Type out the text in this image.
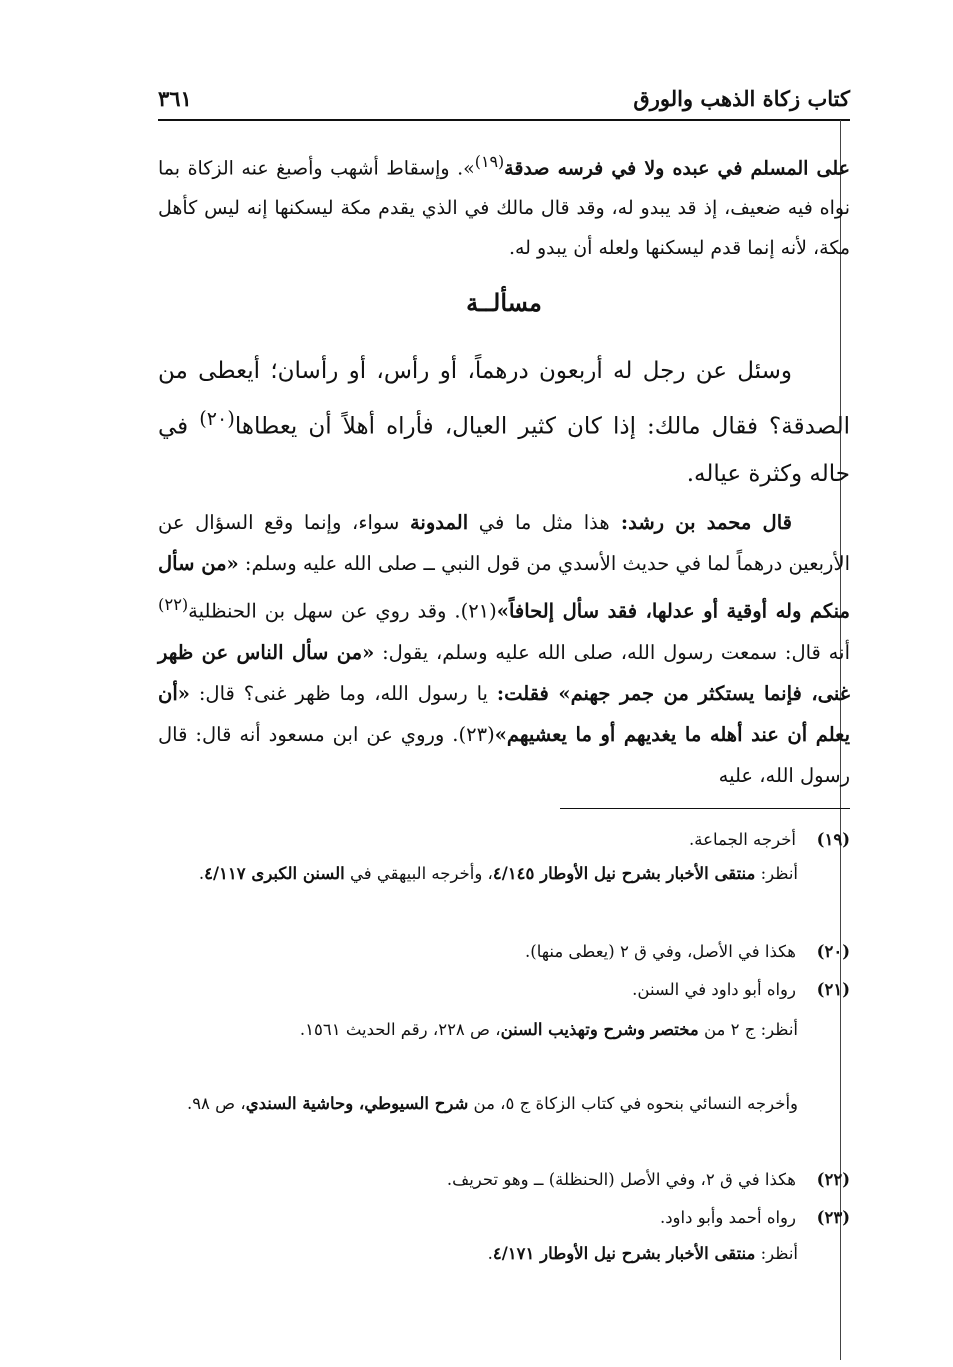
كتاب زكاة الذهب والورق
٣٦١
على المسلم في عبده ولا في فرسه صدقة$^{(١٩)}$». وإسقاط أشهب وأصبغ عنه الزكاة بما نواه فيه ضعيف، إذ قد يبدو له، وقد قال مالك في الذي يقدم مكة ليسكنها إنه ليس كأهل مكة، لأنه إنما قدم ليسكنها ولعله أن يبدو له.
مسألــة
وسئل عن رجل له أربعون درهماً، أو رأس، أو رأسان؛ أيعطى من الصدقة؟ فقال مالك: إذا كان كثير العيال، فأراه أهلاً أن يعطاها$^{(٢٠)}$ في حاله وكثرة عياله.
قال محمد بن رشد: هذا مثل ما في المدونة سواء، وإنما وقع السؤال عن الأربعين درهماً لما في حديث الأسدي من قول النبي ــ صلى الله عليه وسلم: «من سأل منكم وله أوقية أو عدلها، فقد سأل إلحافاً»(٢١). وقد روي عن سهل بن الحنظلية$^{(٢٢)}$ أنه قال: سمعت رسول الله، صلى الله عليه وسلم، يقول: «من سأل الناس عن ظهر غنى، فإنما يستكثر من جمر جهنم» فقلت: يا رسول الله، وما ظهر غنى؟ قال: «أن يعلم أن عند أهله ما يغديهم أو ما يعشيهم»(٢٣). وروي عن ابن مسعود أنه قال: قال رسول الله، عليه
(١٩)أخرجه الجماعة.
أنظر: منتقى الأخبار بشرح نيل الأوطار ٤/١٤٥، وأخرجه البيهقي في السنن الكبرى ٤/١١٧.
(٢٠)هكذا في الأصل، وفي ق ٢ (يعطى منها).
(٢١)رواه أبو داود في السنن.
أنظر: ج ٢ من مختصر وشرح وتهذيب السنن، ص ٢٢٨، رقم الحديث ١٥٦١.
وأخرجه النسائي بنحوه في كتاب الزكاة ج ٥، من شرح السيوطي، وحاشية السندي، ص ٩٨.
(٢٢)هكذا في ق ٢، وفي الأصل (الحنظلة) ــ وهو تحريف.
(٢٣)رواه أحمد وأبو داود.
أنظر: منتقى الأخبار بشرح نيل الأوطار ٤/١٧١.
